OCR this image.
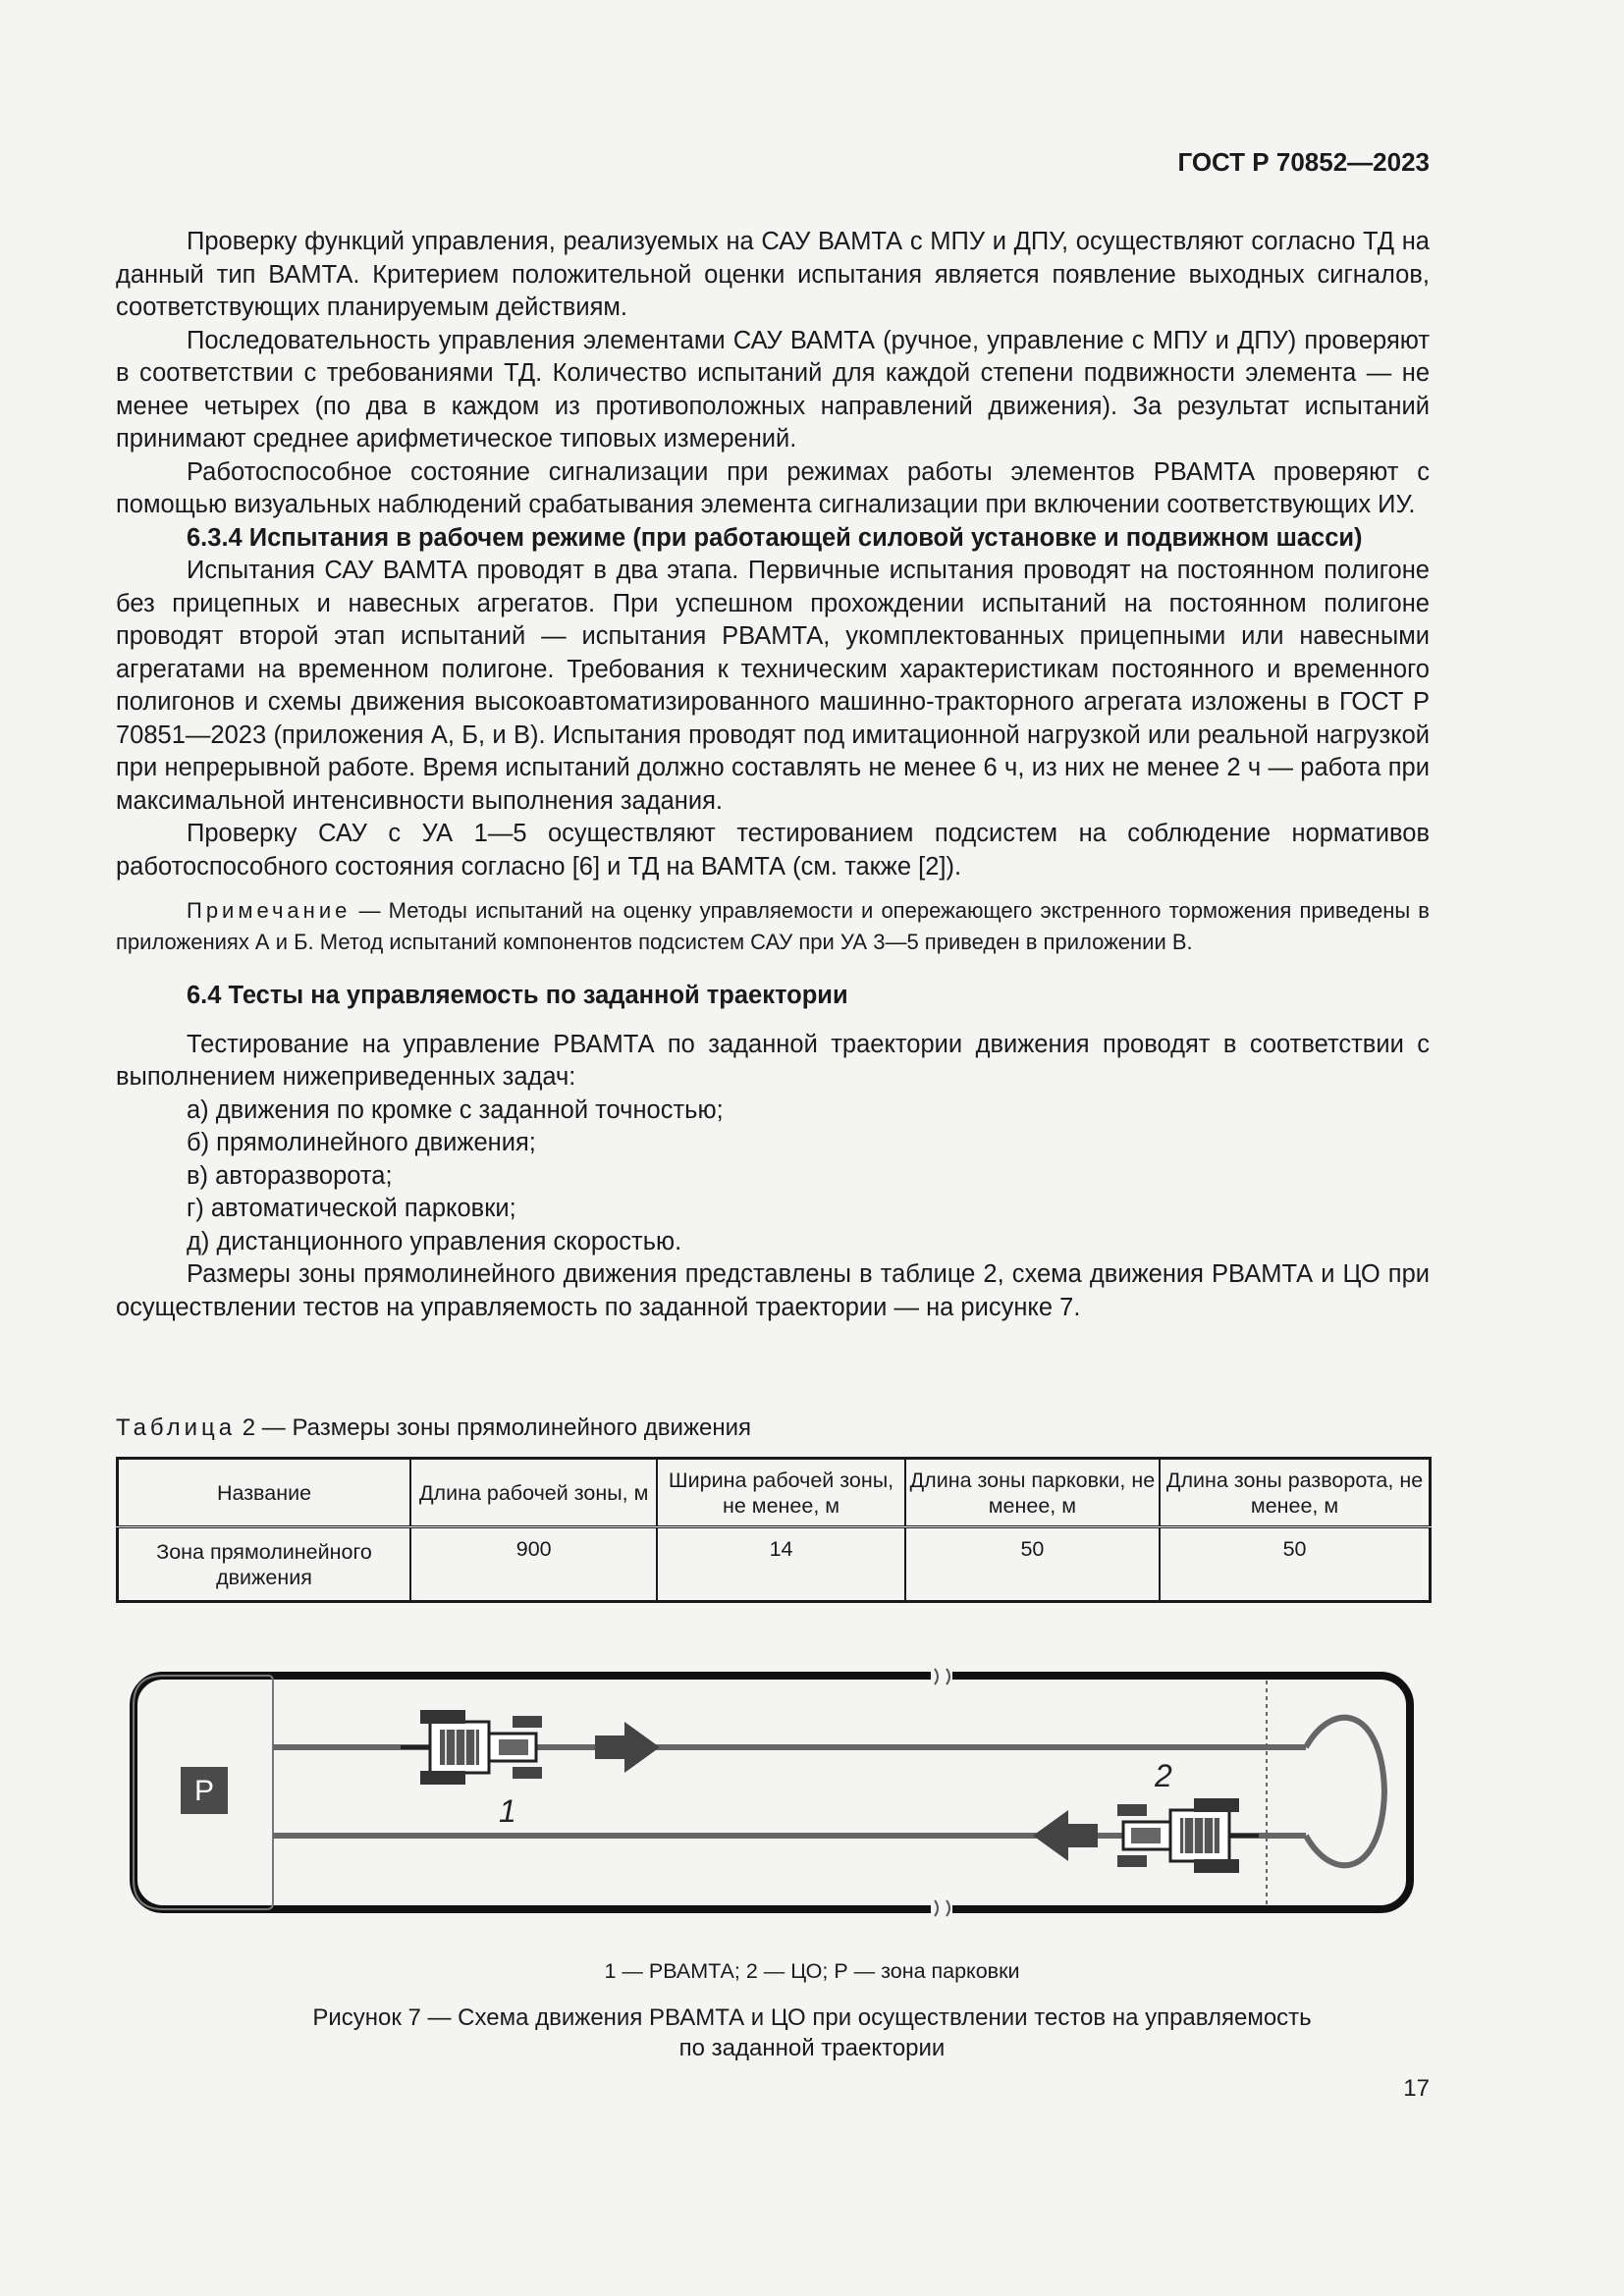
ГОСТ Р 70852—2023

Проверку функций управления, реализуемых на САУ ВАМТА с МПУ и ДПУ, осуществляют согласно ТД на данный тип ВАМТА. Критерием положительной оценки испытания является появление выходных сигналов, соответствующих планируемым действиям.

Последовательность управления элементами САУ ВАМТА (ручное, управление с МПУ и ДПУ) проверяют в соответствии с требованиями ТД. Количество испытаний для каждой степени подвижности элемента — не менее четырех (по два в каждом из противоположных направлений движения). За результат испытаний принимают среднее арифметическое типовых измерений.

Работоспособное состояние сигнализации при режимах работы элементов РВАМТА проверяют с помощью визуальных наблюдений срабатывания элемента сигнализации при включении соответствующих ИУ.

6.3.4 Испытания в рабочем режиме (при работающей силовой установке и подвижном шасси)

Испытания САУ ВАМТА проводят в два этапа. Первичные испытания проводят на постоянном полигоне без прицепных и навесных агрегатов. При успешном прохождении испытаний на постоянном полигоне проводят второй этап испытаний — испытания РВАМТА, укомплектованных прицепными или навесными агрегатами на временном полигоне. Требования к техническим характеристикам постоянного и временного полигонов и схемы движения высокоавтоматизированного машинно-тракторного агрегата изложены в ГОСТ Р 70851—2023 (приложения А, Б, и В). Испытания проводят под имитационной нагрузкой или реальной нагрузкой при непрерывной работе. Время испытаний должно составлять не менее 6 ч, из них не менее 2 ч — работа при максимальной интенсивности выполнения задания.

Проверку САУ с УА 1—5 осуществляют тестированием подсистем на соблюдение нормативов работоспособного состояния согласно [6] и ТД на ВАМТА (см. также [2]).

Примечание — Методы испытаний на оценку управляемости и опережающего экстренного торможения приведены в приложениях А и Б. Метод испытаний компонентов подсистем САУ при УА 3—5 приведен в приложении В.

6.4 Тесты на управляемость по заданной траектории

Тестирование на управление РВАМТА по заданной траектории движения проводят в соответствии с выполнением нижеприведенных задач:

а) движения по кромке с заданной точностью;

б) прямолинейного движения;

в) авторазворота;

г) автоматической парковки;

д) дистанционного управления скоростью.

Размеры зоны прямолинейного движения представлены в таблице 2, схема движения РВАМТА и ЦО при осуществлении тестов на управляемость по заданной траектории — на рисунке 7.

Таблица 2 — Размеры зоны прямолинейного движения
Название	Длина рабочей зоны, м	Ширина рабочей зоны, не менее, м	Длина зоны парковки, не менее, м	Длина зоны разворота, не менее, м
Зона прямолинейного движения	900	14	50	50
Р
1
2
1 — РВАМТА; 2 — ЦО; Р — зона парковки
Рисунок 7 — Схема движения РВАМТА и ЦО при осуществлении тестов на управляемость
по заданной траектории
17
